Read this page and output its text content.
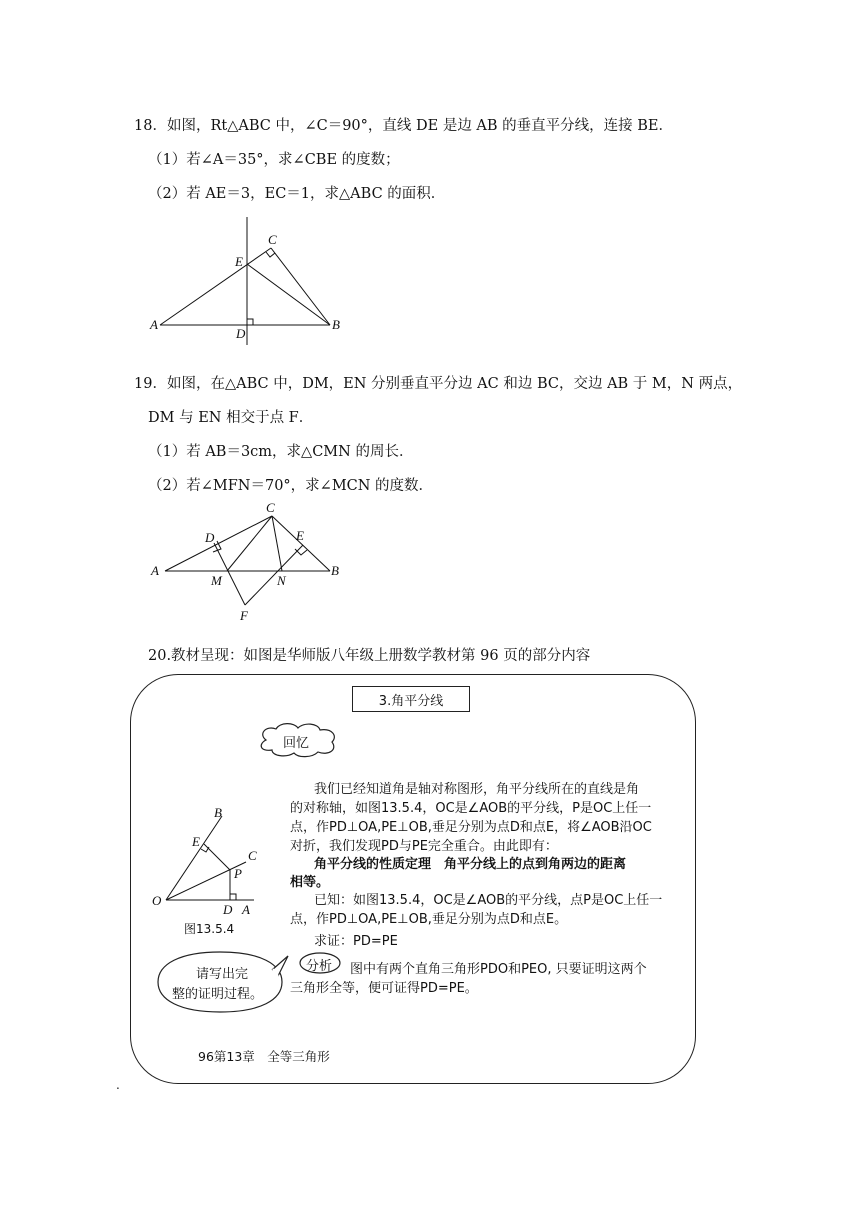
18．如图，Rt△ABC 中，∠C＝90°，直线 DE 是边 AB 的垂直平分线，连接 BE．
（1）若∠A＝35°，求∠CBE 的度数；
（2）若 AE＝3，EC＝1，求△ABC 的面积．
A	B
C
D
E
19．如图，在△ABC 中，DM，EN 分别垂直平分边 AC 和边 BC，交边 AB 于 M，N 两点，
DM 与 EN 相交于点 F．
（1）若 AB＝3cm，求△CMN 的周长．
（2）若∠MFN＝70°，求∠MCN 的度数．
A	B
C
D	E
M	N
F
20.教材呈现：如图是华师版八年级上册数学教材第 96 页的部分内容
3.角平分线
回忆
我们已经知道角是轴对称图形，角平分线所在的直线是角
的对称轴，如图13.5.4，OC是∠AOB的平分线，P是OC上任一
点，作PD⊥OA,PE⊥OB,垂足分别为点D和点E，将∠AOB沿OC
对折，我们发现PD与PE完全重合。由此即有：
角平分线的性质定理　角平分线上的点到角两边的距离
相等。
已知：如图13.5.4，OC是∠AOB的平分线，点P是OC上任一
点，作PD⊥OA,PE⊥OB,垂足分别为点D和点E。
求证：PD=PE
分析 图中有两个直角三角形PDO和PEO, 只要证明这两个
三角形全等，便可证得PD=PE。
O
A
B
C
D
E
P
图13.5.4
请写出完
整的证明过程。
96第13章　全等三角形
.
